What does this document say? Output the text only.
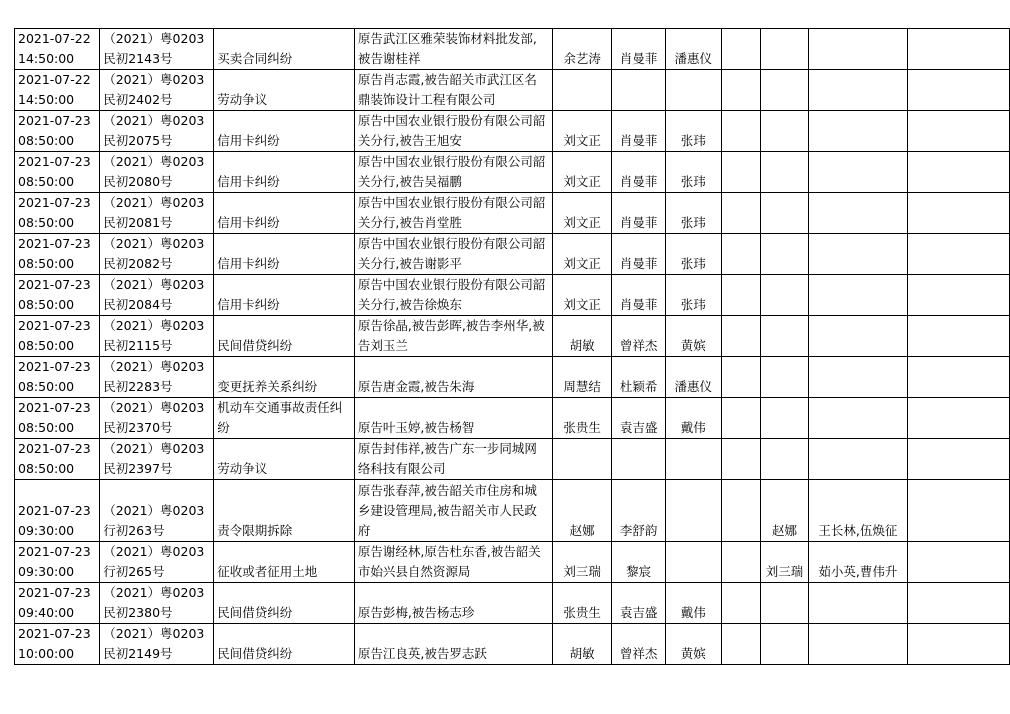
2021-07-22 14:50:00	（2021）粤0203民初2143号	买卖合同纠纷	原告武江区雅荣装饰材料批发部,被告谢桂祥	余艺涛	肖曼菲	潘惠仪				
2021-07-22 14:50:00	（2021）粤0203民初2402号	劳动争议	原告肖志霞,被告韶关市武江区名鼎装饰设计工程有限公司							
2021-07-23 08:50:00	（2021）粤0203民初2075号	信用卡纠纷	原告中国农业银行股份有限公司韶关分行,被告王旭安	刘文正	肖曼菲	张玮				
2021-07-23 08:50:00	（2021）粤0203民初2080号	信用卡纠纷	原告中国农业银行股份有限公司韶关分行,被告吴福鹏	刘文正	肖曼菲	张玮				
2021-07-23 08:50:00	（2021）粤0203民初2081号	信用卡纠纷	原告中国农业银行股份有限公司韶关分行,被告肖堂胜	刘文正	肖曼菲	张玮				
2021-07-23 08:50:00	（2021）粤0203民初2082号	信用卡纠纷	原告中国农业银行股份有限公司韶关分行,被告谢影平	刘文正	肖曼菲	张玮				
2021-07-23 08:50:00	（2021）粤0203民初2084号	信用卡纠纷	原告中国农业银行股份有限公司韶关分行,被告徐焕东	刘文正	肖曼菲	张玮				
2021-07-23 08:50:00	（2021）粤0203民初2115号	民间借贷纠纷	原告徐晶,被告彭晖,被告李州华,被告刘玉兰	胡敏	曾祥杰	黄嫔				
2021-07-23 08:50:00	（2021）粤0203民初2283号	变更抚养关系纠纷	原告唐金霞,被告朱海	周慧结	杜颖希	潘惠仪				
2021-07-23 08:50:00	（2021）粤0203民初2370号	机动车交通事故责任纠纷	原告叶玉婷,被告杨智	张贵生	袁吉盛	戴伟				
2021-07-23 08:50:00	（2021）粤0203民初2397号	劳动争议	原告封伟祥,被告广东一步同城网络科技有限公司							
2021-07-23 09:30:00	（2021）粤0203行初263号	责令限期拆除	原告张春萍,被告韶关市住房和城乡建设管理局,被告韶关市人民政府	赵娜	李舒韵			赵娜	王长林,伍焕征	
2021-07-23 09:30:00	（2021）粤0203行初265号	征收或者征用土地	原告谢经林,原告杜东香,被告韶关市始兴县自然资源局	刘三瑞	黎宸			刘三瑞	茹小英,曹伟升	
2021-07-23 09:40:00	（2021）粤0203民初2380号	民间借贷纠纷	原告彭梅,被告杨志珍	张贵生	袁吉盛	戴伟				
2021-07-23 10:00:00	（2021）粤0203民初2149号	民间借贷纠纷	原告江良英,被告罗志跃	胡敏	曾祥杰	黄嫔				
